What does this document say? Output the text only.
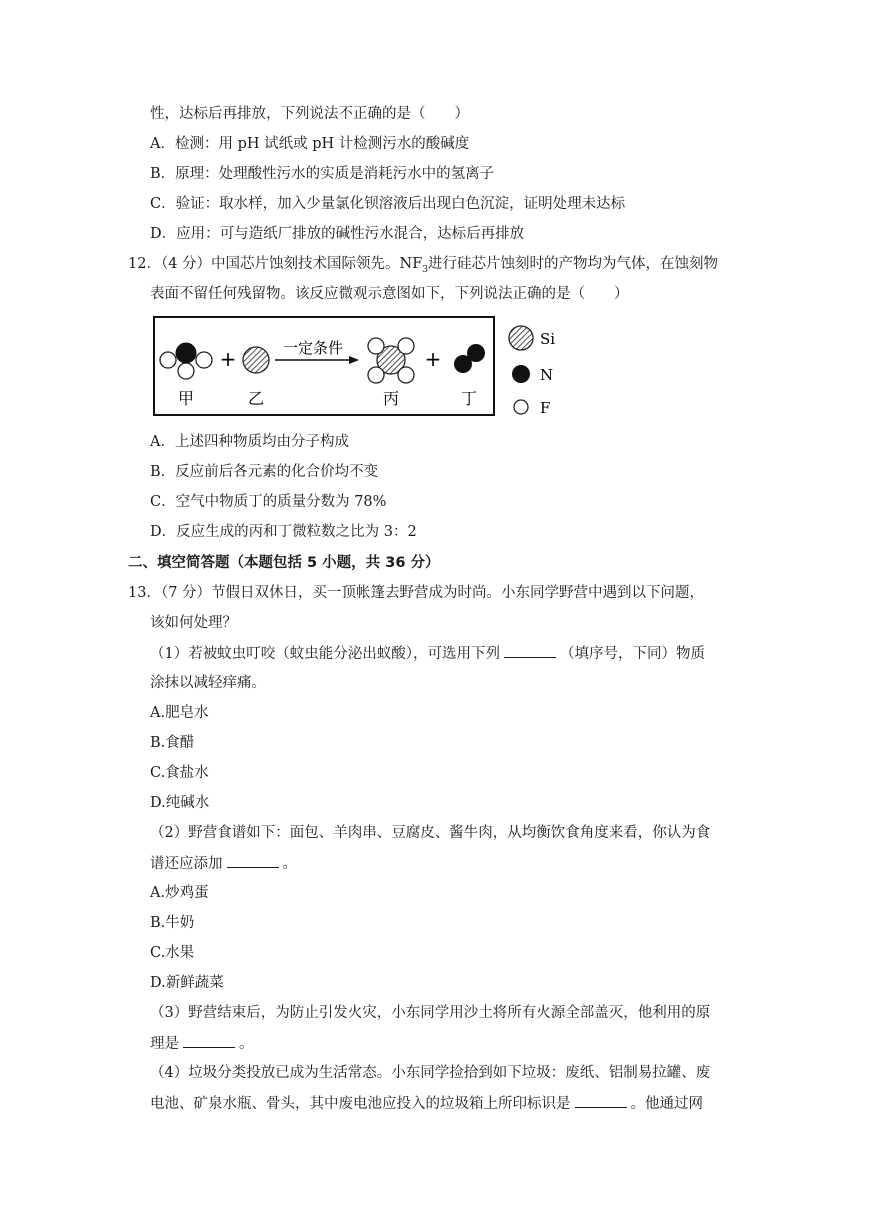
性，达标后再排放，下列说法不正确的是（　　）
A．检测：用 pH 试纸或 pH 计检测污水的酸碱度
B．原理：处理酸性污水的实质是消耗污水中的氢离子
C．验证：取水样，加入少量氯化钡溶液后出现白色沉淀，证明处理未达标
D．应用：可与造纸厂排放的碱性污水混合，达标后再排放
12．（4 分）中国芯片蚀刻技术国际领先。$NF_3$进行硅芯片蚀刻时的产物均为气体，在蚀刻物
表面不留任何残留物。该反应微观示意图如下，下列说法正确的是（　　）
+	一定条件	+
甲	乙	丙	丁
Si
N
F
A．上述四种物质均由分子构成
B．反应前后各元素的化合价均不变
C．空气中物质丁的质量分数为 78%
D．反应生成的丙和丁微粒数之比为 3：2
二、填空简答题（本题包括 5 小题，共 36 分）
13．（7 分）节假日双休日，买一顶帐篷去野营成为时尚。小东同学野营中遇到以下问题，
该如何处理？
（1）若被蚊虫叮咬（蚊虫能分泌出蚁酸），可选用下列	（填序号，下同）物质
涂抹以减轻痒痛。
A.肥皂水
B.食醋
C.食盐水
D.纯碱水
（2）野营食谱如下：面包、羊肉串、豆腐皮、酱牛肉，从均衡饮食角度来看，你认为食
谱还应添加	。
A.炒鸡蛋
B.牛奶
C.水果
D.新鲜蔬菜
（3）野营结束后，为防止引发火灾，小东同学用沙土将所有火源全部盖灭，他利用的原
理是	。
（4）垃圾分类投放已成为生活常态。小东同学捡拾到如下垃圾：废纸、铝制易拉罐、废
电池、矿泉水瓶、骨头，其中废电池应投入的垃圾箱上所印标识是	。他通过网
